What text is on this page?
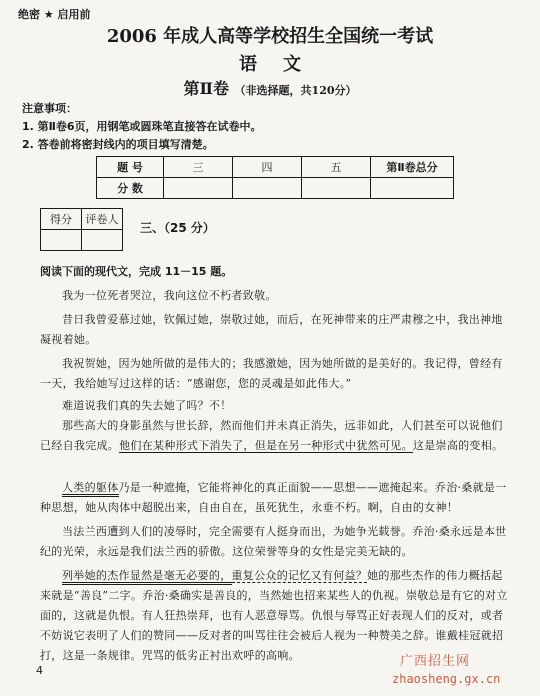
绝密 ★ 启用前
2006 年成人高等学校招生全国统一考试
语文
第Ⅱ卷 （非选择题，共120分）
注意事项：
1. 第Ⅱ卷6页，用钢笔或圆珠笔直接答在试卷中。
2. 答卷前将密封线内的项目填写清楚。
题 号	三	四	五	第Ⅱ卷总分
分 数				
得分	评卷人

三、（25 分）
阅读下面的现代文，完成 11－15 题。
我为一位死者哭泣，我向这位不朽者致敬。
昔日我曾爱慕过她，钦佩过她，崇敬过她，而后，在死神带来的庄严肃穆之中，我出神地凝视着她。
我祝贺她，因为她所做的是伟大的；我感激她，因为她所做的是美好的。我记得，曾经有一天，我给她写过这样的话：“感谢您，您的灵魂是如此伟大。”
难道说我们真的失去她了吗？不！
那些高大的身影虽然与世长辞，然而他们并未真正消失，远非如此，人们甚至可以说他们已经自我完成。他们在某种形式下消失了，但是在另一种形式中犹然可见。这是崇高的变相。
人类的躯体乃是一种遮掩，它能将神化的真正面貌——思想——遮掩起来。乔治·桑就是一种思想，她从肉体中超脱出来，自由自在，虽死犹生，永垂不朽。啊，自由的女神！
当法兰西遭到人们的凌辱时，完全需要有人挺身而出，为她争光载誉。乔治·桑永远是本世纪的光荣，永远是我们法兰西的骄傲。这位荣誉等身的女性是完美无缺的。
列举她的杰作显然是毫无必要的，重复公众的记忆又有何益？她的那些杰作的伟力概括起来就是“善良”二字。乔治·桑确实是善良的，当然她也招来某些人的仇视。崇敬总是有它的对立面的，这就是仇恨。有人狂热崇拜，也有人恶意辱骂。仇恨与辱骂正好表现人们的反对，或者不妨说它表明了人们的赞同——反对者的叫骂往往会被后人视为一种赞美之辞。谁戴桂冠就招打，这是一条规律。咒骂的低劣正衬出欢呼的高响。
4
广西招生网
zhaosheng.gx.cn
